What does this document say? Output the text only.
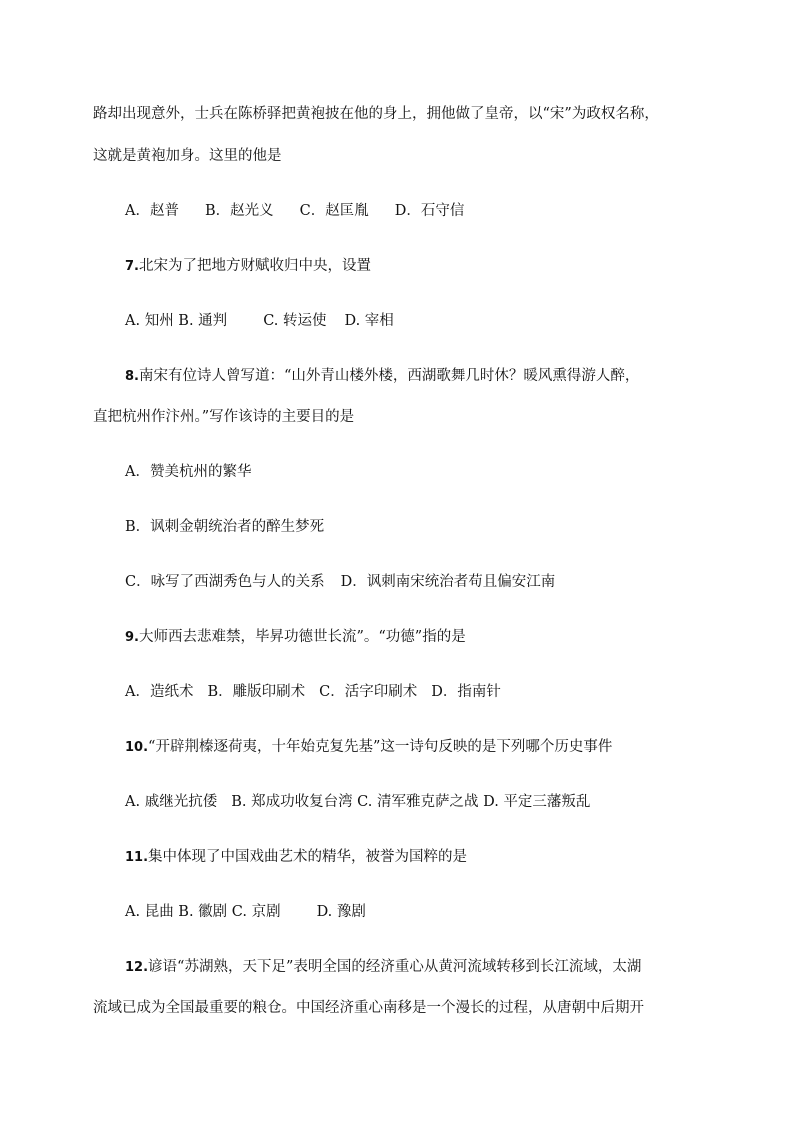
路却出现意外，士兵在陈桥驿把黄袍披在他的身上，拥他做了皇帝，以“宋”为政权名称，
这就是黄袍加身。这里的他是
A．赵普 B．赵光义 C．赵匡胤 D．石守信
7.北宋为了把地方财赋收归中央，设置
A. 知州 B. 通判 C. 转运使 D. 宰相
8.南宋有位诗人曾写道：“山外青山楼外楼，西湖歌舞几时休？暖风熏得游人醉，
直把杭州作汴州。”写作该诗的主要目的是
A．赞美杭州的繁华
B．讽刺金朝统治者的醉生梦死
C．咏写了西湖秀色与人的关系 D．讽刺南宋统治者苟且偏安江南
9.大师西去悲难禁，毕昇功德世长流”。“功德”指的是
A．造纸术 B．雕版印刷术 C．活字印刷术 D．指南针
10.“开辟荆榛逐荷夷，十年始克复先基”这一诗句反映的是下列哪个历史事件
A. 戚继光抗倭 B. 郑成功收复台湾 C. 清军雅克萨之战 D. 平定三藩叛乱
11.集中体现了中国戏曲艺术的精华，被誉为国粹的是
A. 昆曲 B. 徽剧 C. 京剧 D. 豫剧
12.谚语“苏湖熟，天下足”表明全国的经济重心从黄河流域转移到长江流域，太湖
流域已成为全国最重要的粮仓。中国经济重心南移是一个漫长的过程，从唐朝中后期开
